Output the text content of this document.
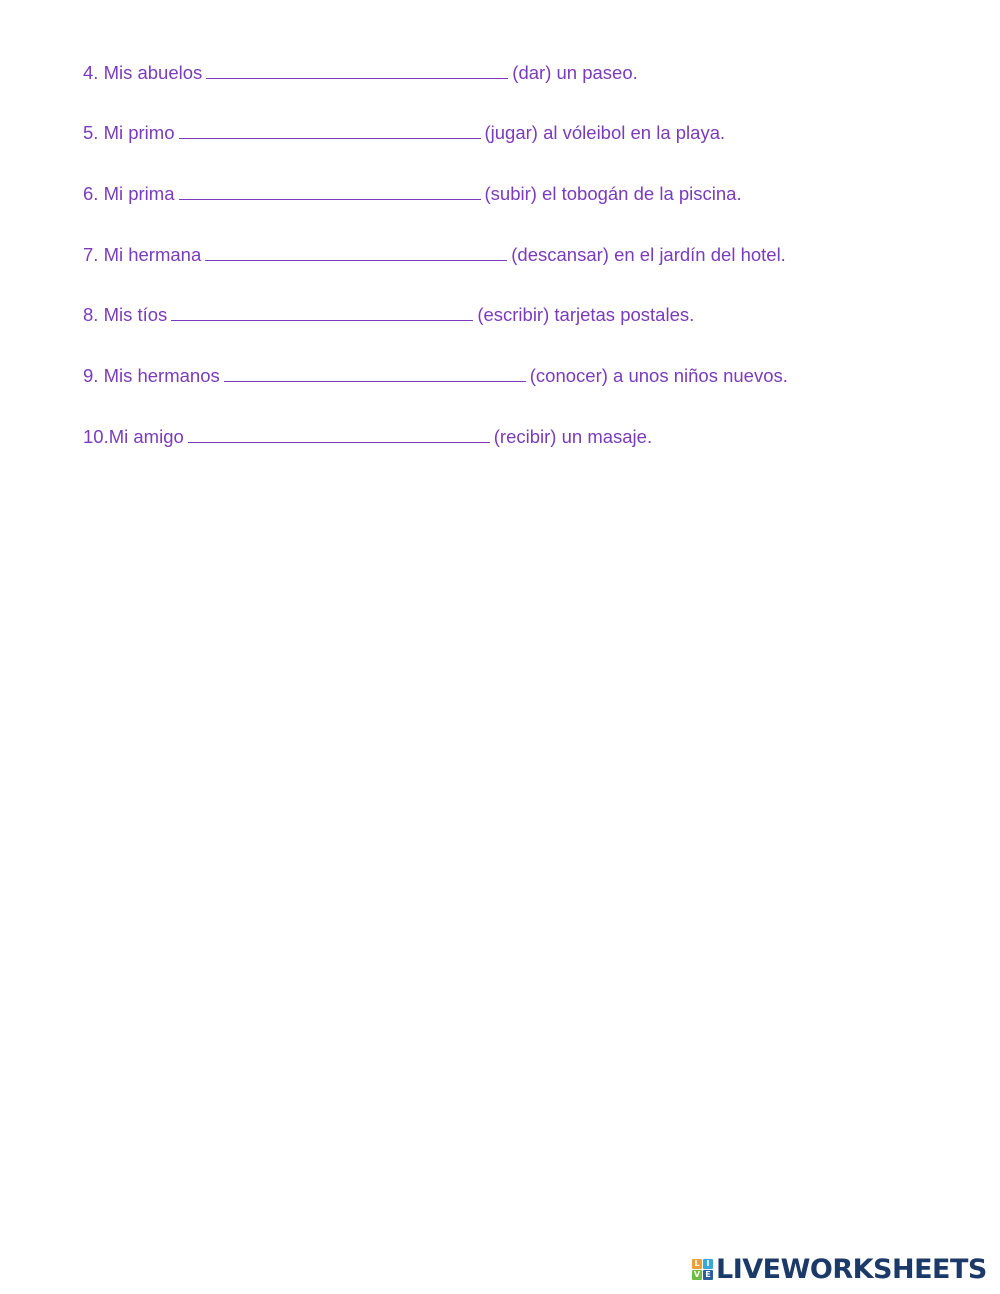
4. Mis abuelos	(dar) un paseo.
5. Mi primo	(jugar) al vóleibol en la playa.
6. Mi prima	(subir) el tobogán de la piscina.
7. Mi hermana	(descansar) en el jardín del hotel.
8. Mis tíos	(escribir) tarjetas postales.
9. Mis hermanos	(conocer) a unos niños nuevos.
10.Mi amigo	(recibir) un masaje.
L I
V E LIVEWORKSHEETS
